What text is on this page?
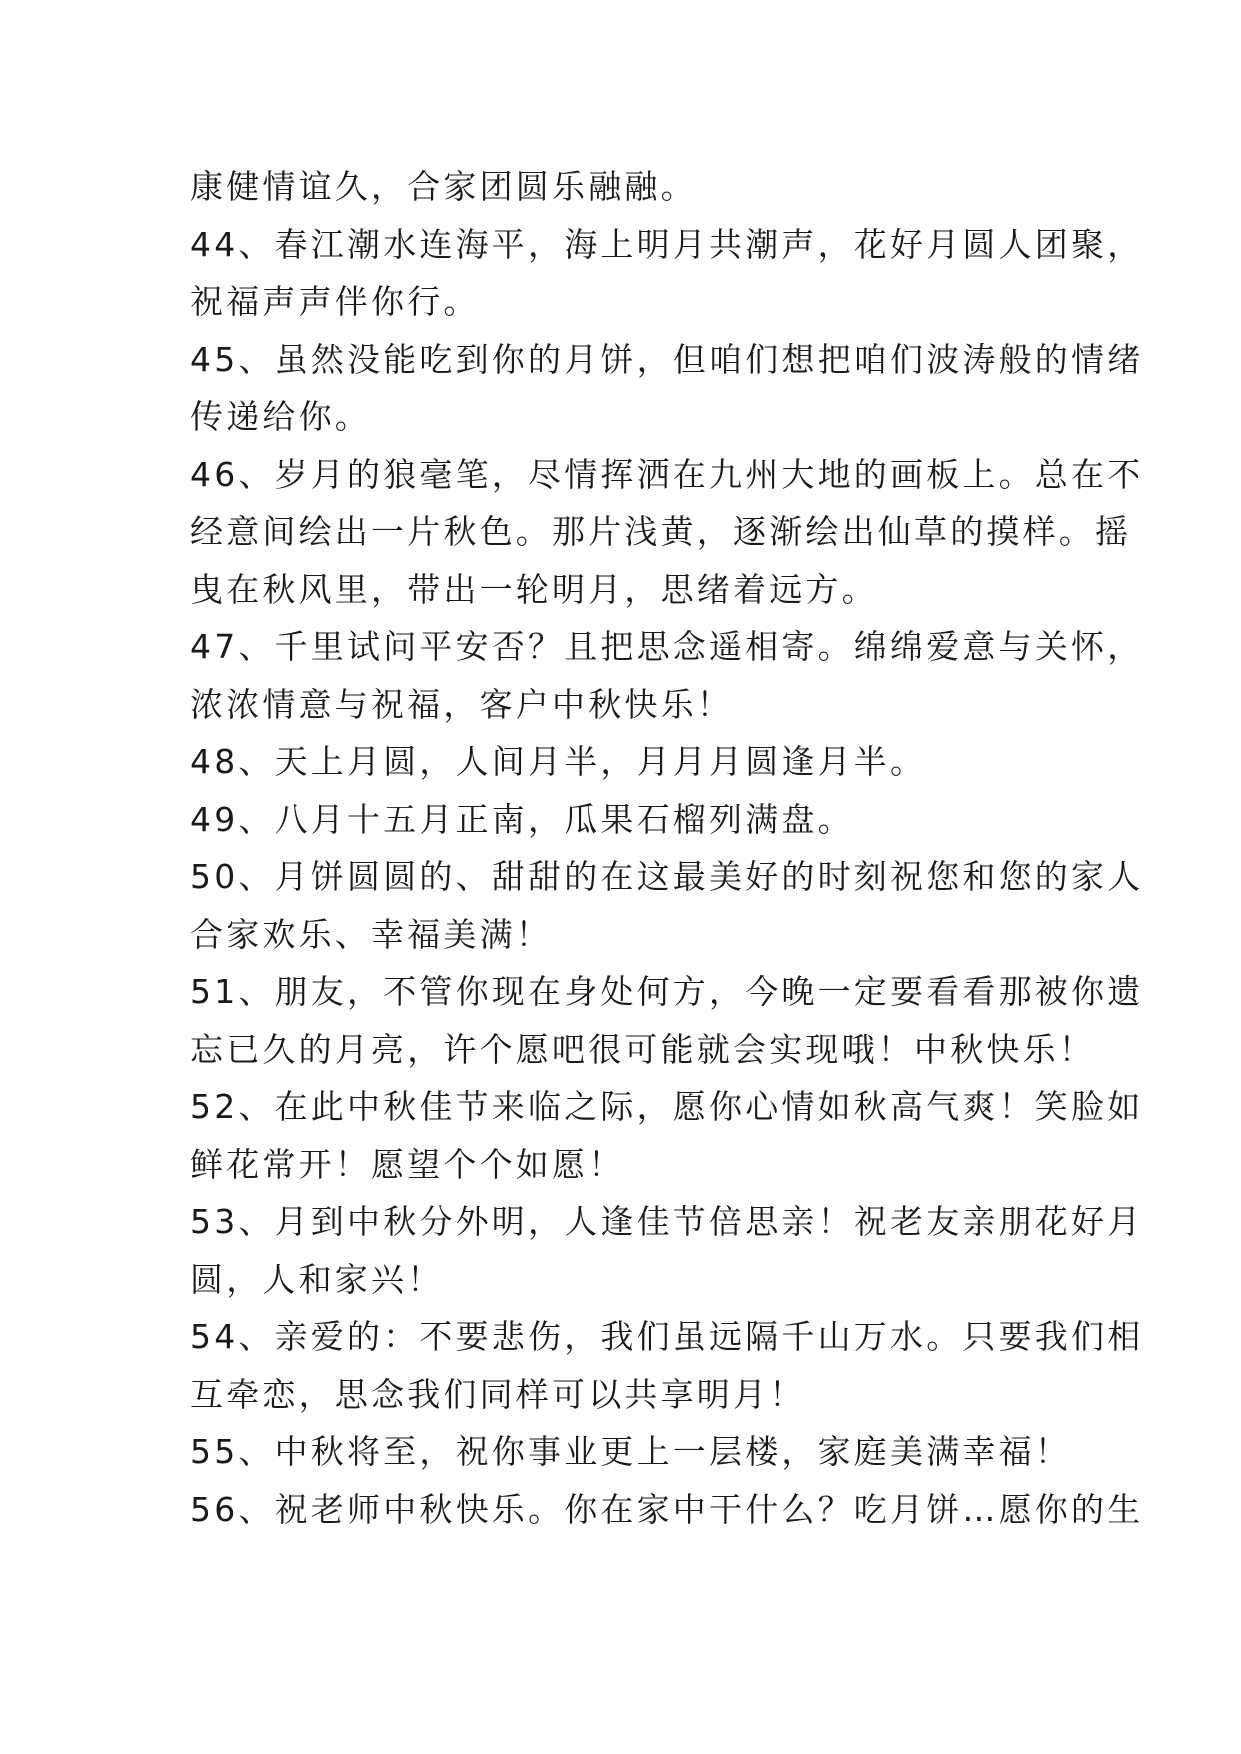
康健情谊久，合家团圆乐融融。
44、春江潮水连海平，海上明月共潮声，花好月圆人团聚，
祝福声声伴你行。
45、虽然没能吃到你的月饼，但咱们想把咱们波涛般的情绪
传递给你。
46、岁月的狼毫笔，尽情挥洒在九州大地的画板上。总在不
经意间绘出一片秋色。那片浅黄，逐渐绘出仙草的摸样。摇
曳在秋风里，带出一轮明月，思绪着远方。
47、千里试问平安否？且把思念遥相寄。绵绵爱意与关怀，
浓浓情意与祝福，客户中秋快乐！
48、天上月圆，人间月半，月月月圆逢月半。
49、八月十五月正南，瓜果石榴列满盘。
50、月饼圆圆的、甜甜的在这最美好的时刻祝您和您的家人
合家欢乐、幸福美满！
51、朋友，不管你现在身处何方，今晚一定要看看那被你遗
忘已久的月亮，许个愿吧很可能就会实现哦！中秋快乐！
52、在此中秋佳节来临之际，愿你心情如秋高气爽！笑脸如
鲜花常开！愿望个个如愿！
53、月到中秋分外明，人逢佳节倍思亲！祝老友亲朋花好月
圆，人和家兴！
54、亲爱的：不要悲伤，我们虽远隔千山万水。只要我们相
互牵恋，思念我们同样可以共享明月！
55、中秋将至，祝你事业更上一层楼，家庭美满幸福！
56、祝老师中秋快乐。你在家中干什么？吃月饼…愿你的生
